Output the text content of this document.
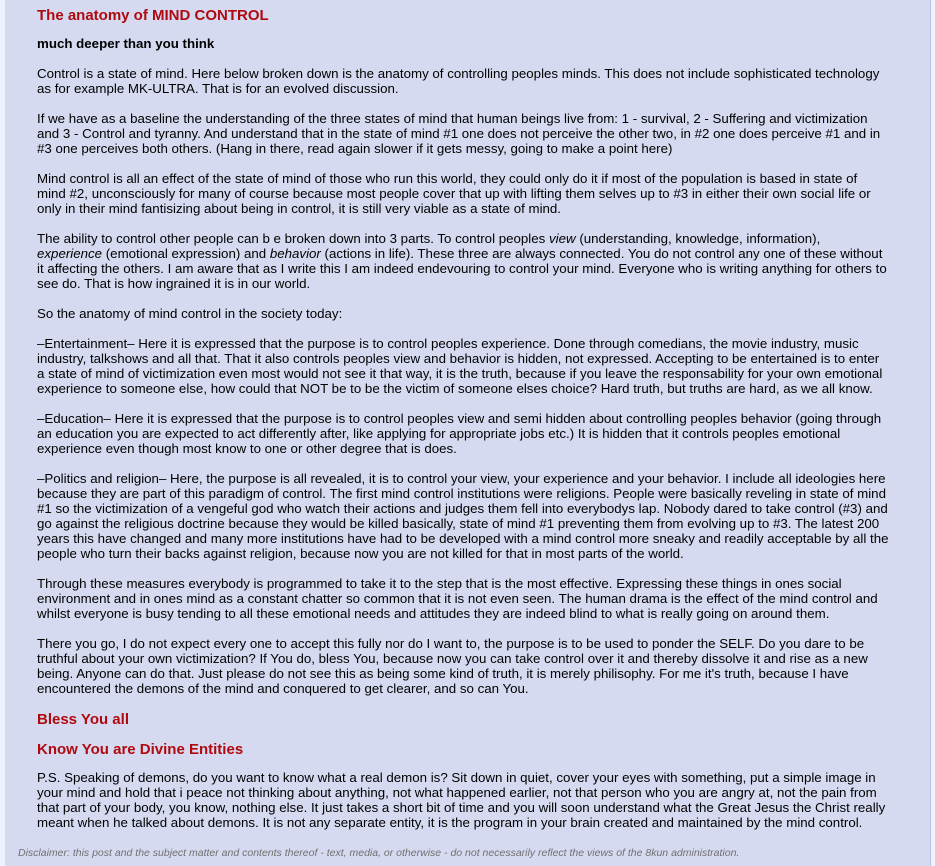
The anatomy of MIND CONTROL

much deeper than you think

Control is a state of mind. Here below broken down is the anatomy of controlling peoples minds. This does not include sophisticated technology as for example MK-ULTRA. That is for an evolved discussion.

If we have as a baseline the understanding of the three states of mind that human beings live from: 1 - survival, 2 - Suffering and victimization and 3 - Control and tyranny. And understand that in the state of mind #1 one does not perceive the other two, in #2 one does perceive #1 and in #3 one perceives both others. (Hang in there, read again slower if it gets messy, going to make a point here)

Mind control is all an effect of the state of mind of those who run this world, they could only do it if most of the population is based in state of mind #2, unconsciously for many of course because most people cover that up with lifting them selves up to #3 in either their own social life or only in their mind fantisizing about being in control, it is still very viable as a state of mind.

The ability to control other people can b e broken down into 3 parts. To control peoples view (understanding, knowledge, information), experience (emotional expression) and behavior (actions in life). These three are always connected. You do not control any one of these without it affecting the others. I am aware that as I write this I am indeed endevouring to control your mind. Everyone who is writing anything for others to see do. That is how ingrained it is in our world.

So the anatomy of mind control in the society today:

–Entertainment– Here it is expressed that the purpose is to control peoples experience. Done through comedians, the movie industry, music industry, talkshows and all that. That it also controls peoples view and behavior is hidden, not expressed. Accepting to be entertained is to enter a state of mind of victimization even most would not see it that way, it is the truth, because if you leave the responsability for your own emotional experience to someone else, how could that NOT be to be the victim of someone elses choice? Hard truth, but truths are hard, as we all know.

–Education– Here it is expressed that the purpose is to control peoples view and semi hidden about controlling peoples behavior (going through an education you are expected to act differently after, like applying for appropriate jobs etc.) It is hidden that it controls peoples emotional experience even though most know to one or other degree that is does.

–Politics and religion– Here, the purpose is all revealed, it is to control your view, your experience and your behavior. I include all ideologies here because they are part of this paradigm of control. The first mind control institutions were religions. People were basically reveling in state of mind #1 so the victimization of a vengeful god who watch their actions and judges them fell into everybodys lap. Nobody dared to take control (#3) and go against the religious doctrine because they would be killed basically, state of mind #1 preventing them from evolving up to #3. The latest 200 years this have changed and many more institutions have had to be developed with a mind control more sneaky and readily acceptable by all the people who turn their backs against religion, because now you are not killed for that in most parts of the world.

Through these measures everybody is programmed to take it to the step that is the most effective. Expressing these things in ones social environment and in ones mind as a constant chatter so common that it is not even seen. The human drama is the effect of the mind control and whilst everyone is busy tending to all these emotional needs and attitudes they are indeed blind to what is really going on around them.

There you go, I do not expect every one to accept this fully nor do I want to, the purpose is to be used to ponder the SELF. Do you dare to be truthful about your own victimization? If You do, bless You, because now you can take control over it and thereby dissolve it and rise as a new being. Anyone can do that. Just please do not see this as being some kind of truth, it is merely philisophy. For me it's truth, because I have encountered the demons of the mind and conquered to get clearer, and so can You.

Bless You all
Know You are Divine Entities

P.S. Speaking of demons, do you want to know what a real demon is? Sit down in quiet, cover your eyes with something, put a simple image in your mind and hold that i peace not thinking about anything, not what happened earlier, not that person who you are angry at, not the pain from that part of your body, you know, nothing else. It just takes a short bit of time and you will soon understand what the Great Jesus the Christ really meant when he talked about demons. It is not any separate entity, it is the program in your brain created and maintained by the mind control.

Disclaimer: this post and the subject matter and contents thereof - text, media, or otherwise - do not necessarily reflect the views of the 8kun administration.
